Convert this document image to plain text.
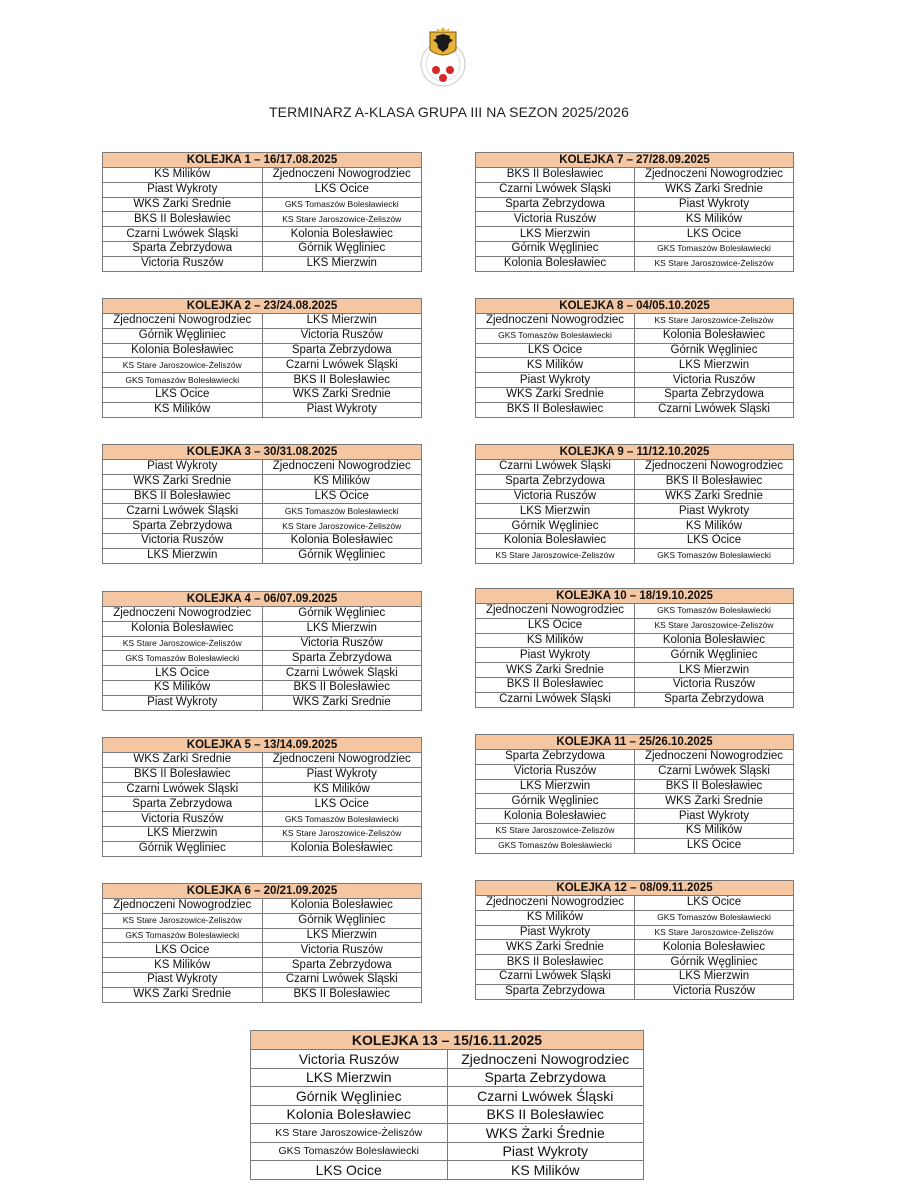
TERMINARZ A-KLASA GRUPA III NA SEZON 2025/2026
KOLEJKA 1 – 16/17.08.2025	
KS Milików	Zjednoczeni Nowogrodziec
Piast Wykroty	LKS Ocice
WKS Żarki Średnie	GKS Tomaszów Bolesławiecki
BKS II Bolesławiec	KS Stare Jaroszowice-Żeliszów
Czarni Lwówek Śląski	Kolonia Bolesławiec
Sparta Zebrzydowa	Górnik Węgliniec
Victoria Ruszów	LKS Mierzwin
KOLEJKA 2 – 23/24.08.2025	
Zjednoczeni Nowogrodziec	LKS Mierzwin
Górnik Węgliniec	Victoria Ruszów
Kolonia Bolesławiec	Sparta Zebrzydowa
KS Stare Jaroszowice-Żeliszów	Czarni Lwówek Śląski
GKS Tomaszów Bolesławiecki	BKS II Bolesławiec
LKS Ocice	WKS Żarki Średnie
KS Milików	Piast Wykroty
KOLEJKA 3 – 30/31.08.2025	
Piast Wykroty	Zjednoczeni Nowogrodziec
WKS Żarki Średnie	KS Milików
BKS II Bolesławiec	LKS Ocice
Czarni Lwówek Śląski	GKS Tomaszów Bolesławiecki
Sparta Zebrzydowa	KS Stare Jaroszowice-Żeliszów
Victoria Ruszów	Kolonia Bolesławiec
LKS Mierzwin	Górnik Węgliniec
KOLEJKA 4 – 06/07.09.2025	
Zjednoczeni Nowogrodziec	Górnik Węgliniec
Kolonia Bolesławiec	LKS Mierzwin
KS Stare Jaroszowice-Żeliszów	Victoria Ruszów
GKS Tomaszów Bolesławiecki	Sparta Zebrzydowa
LKS Ocice	Czarni Lwówek Śląski
KS Milików	BKS II Bolesławiec
Piast Wykroty	WKS Żarki Średnie
KOLEJKA 5 – 13/14.09.2025	
WKS Żarki Średnie	Zjednoczeni Nowogrodziec
BKS II Bolesławiec	Piast Wykroty
Czarni Lwówek Śląski	KS Milików
Sparta Zebrzydowa	LKS Ocice
Victoria Ruszów	GKS Tomaszów Bolesławiecki
LKS Mierzwin	KS Stare Jaroszowice-Żeliszów
Górnik Węgliniec	Kolonia Bolesławiec
KOLEJKA 6 – 20/21.09.2025	
Zjednoczeni Nowogrodziec	Kolonia Bolesławiec
KS Stare Jaroszowice-Żeliszów	Górnik Węgliniec
GKS Tomaszów Bolesławiecki	LKS Mierzwin
LKS Ocice	Victoria Ruszów
KS Milików	Sparta Zebrzydowa
Piast Wykroty	Czarni Lwówek Śląski
WKS Żarki Średnie	BKS II Bolesławiec
KOLEJKA 7 – 27/28.09.2025	
BKS II Bolesławiec	Zjednoczeni Nowogrodziec
Czarni Lwówek Śląski	WKS Żarki Średnie
Sparta Zebrzydowa	Piast Wykroty
Victoria Ruszów	KS Milików
LKS Mierzwin	LKS Ocice
Górnik Węgliniec	GKS Tomaszów Bolesławiecki
Kolonia Bolesławiec	KS Stare Jaroszowice-Żeliszów
KOLEJKA 8 – 04/05.10.2025	
Zjednoczeni Nowogrodziec	KS Stare Jaroszowice-Żeliszów
GKS Tomaszów Bolesławiecki	Kolonia Bolesławiec
LKS Ocice	Górnik Węgliniec
KS Milików	LKS Mierzwin
Piast Wykroty	Victoria Ruszów
WKS Żarki Średnie	Sparta Zebrzydowa
BKS II Bolesławiec	Czarni Lwówek Śląski
KOLEJKA 9 – 11/12.10.2025	
Czarni Lwówek Śląski	Zjednoczeni Nowogrodziec
Sparta Zebrzydowa	BKS II Bolesławiec
Victoria Ruszów	WKS Żarki Średnie
LKS Mierzwin	Piast Wykroty
Górnik Węgliniec	KS Milików
Kolonia Bolesławiec	LKS Ocice
KS Stare Jaroszowice-Żeliszów	GKS Tomaszów Bolesławiecki
KOLEJKA 10 – 18/19.10.2025	
Zjednoczeni Nowogrodziec	GKS Tomaszów Bolesławiecki
LKS Ocice	KS Stare Jaroszowice-Żeliszów
KS Milików	Kolonia Bolesławiec
Piast Wykroty	Górnik Węgliniec
WKS Żarki Średnie	LKS Mierzwin
BKS II Bolesławiec	Victoria Ruszów
Czarni Lwówek Śląski	Sparta Zebrzydowa
KOLEJKA 11 – 25/26.10.2025	
Sparta Zebrzydowa	Zjednoczeni Nowogrodziec
Victoria Ruszów	Czarni Lwówek Śląski
LKS Mierzwin	BKS II Bolesławiec
Górnik Węgliniec	WKS Żarki Średnie
Kolonia Bolesławiec	Piast Wykroty
KS Stare Jaroszowice-Żeliszów	KS Milików
GKS Tomaszów Bolesławiecki	LKS Ocice
KOLEJKA 12 – 08/09.11.2025	
Zjednoczeni Nowogrodziec	LKS Ocice
KS Milików	GKS Tomaszów Bolesławiecki
Piast Wykroty	KS Stare Jaroszowice-Żeliszów
WKS Żarki Średnie	Kolonia Bolesławiec
BKS II Bolesławiec	Górnik Węgliniec
Czarni Lwówek Śląski	LKS Mierzwin
Sparta Zebrzydowa	Victoria Ruszów
KOLEJKA 13 – 15/16.11.2025	
Victoria Ruszów	Zjednoczeni Nowogrodziec
LKS Mierzwin	Sparta Zebrzydowa
Górnik Węgliniec	Czarni Lwówek Śląski
Kolonia Bolesławiec	BKS II Bolesławiec
KS Stare Jaroszowice-Żeliszów	WKS Żarki Średnie
GKS Tomaszów Bolesławiecki	Piast Wykroty
LKS Ocice	KS Milików
